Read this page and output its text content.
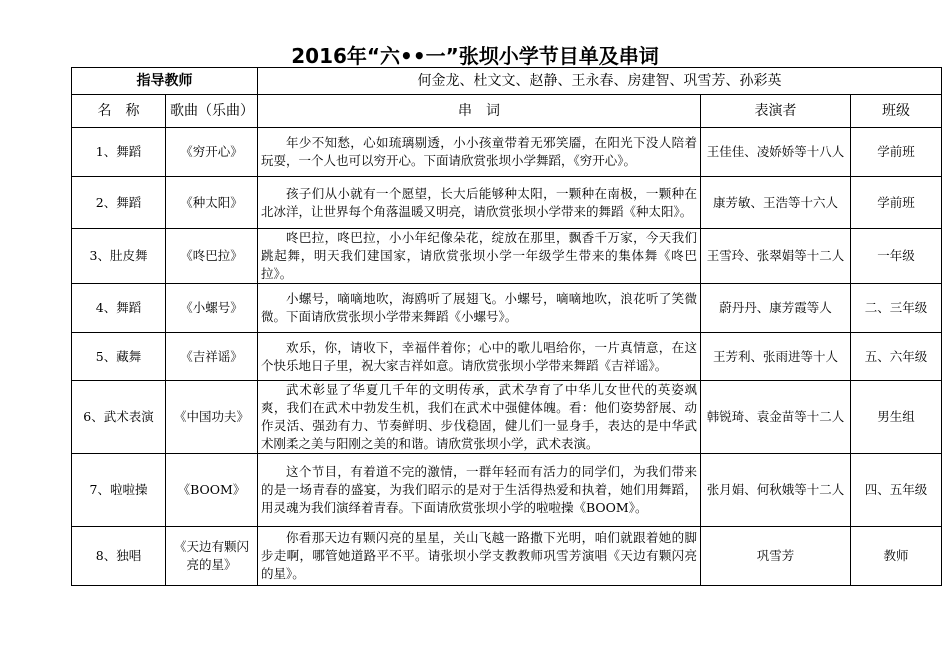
2016年“六••一”张坝小学节目单及串词
指导教师		何金龙、杜文文、赵静、王永春、房建智、巩雪芳、孙彩英		
名　称	歌曲（乐曲）	串　词	表演者	班级
1、舞蹈	《穷开心》	年少不知愁，心如琉璃剔透，小小孩童带着无邪笑靥，在阳光下没人陪着玩耍，一个人也可以穷开心。下面请欣赏张坝小学舞蹈，《穷开心》。	王佳佳、凌娇娇等十八人	学前班
2、舞蹈	《种太阳》	孩子们从小就有一个愿望，长大后能够种太阳，一颗种在南极，一颗种在北冰洋，让世界每个角落温暖又明亮，请欣赏张坝小学带来的舞蹈《种太阳》。	康芳敏、王浩等十六人	学前班
3、肚皮舞	《咚巴拉》	咚巴拉，咚巴拉，小小年纪像朵花，绽放在那里，飘香千万家，今天我们跳起舞，明天我们建国家，请欣赏张坝小学一年级学生带来的集体舞《咚巴拉》。	王雪玲、张翠娟等十二人	一年级
4、舞蹈	《小螺号》	小螺号，嘀嘀地吹，海鸥听了展翅飞。小螺号，嘀嘀地吹，浪花听了笑微微。下面请欣赏张坝小学带来舞蹈《小螺号》。	蔚丹丹、康芳霞等人	二、三年级
5、藏舞	《吉祥谣》	欢乐，你，请收下，幸福伴着你；心中的歌儿唱给你，一片真情意，在这个快乐地日子里，祝大家吉祥如意。请欣赏张坝小学带来舞蹈《吉祥谣》。	王芳利、张雨进等十人	五、六年级
6、武术表演	《中国功夫》	武术彰显了华夏几千年的文明传承，武术孕育了中华儿女世代的英姿飒爽，我们在武术中勃发生机，我们在武术中强健体魄。看：他们姿势舒展、动作灵活、强劲有力、节奏鲜明、步伐稳固，健儿们一显身手，表达的是中华武术刚柔之美与阳刚之美的和谐。请欣赏张坝小学，武术表演。	韩锐琦、袁金苗等十二人	男生组
7、啦啦操	《BOOM》	这个节目，有着道不完的激情，一群年轻而有活力的同学们，为我们带来的是一场青春的盛宴，为我们昭示的是对于生活得热爱和执着，她们用舞蹈，用灵魂为我们演绎着青春。下面请欣赏张坝小学的啦啦操《BOOM》。	张月娟、何秋娥等十二人	四、五年级
8、独唱	《天边有颗闪亮的星》	你看那天边有颗闪亮的星星，关山飞越一路撒下光明，咱们就跟着她的脚步走啊，哪管她道路平不平。请张坝小学支教教师巩雪芳演唱《天边有颗闪亮的星》。	巩雪芳	教师
